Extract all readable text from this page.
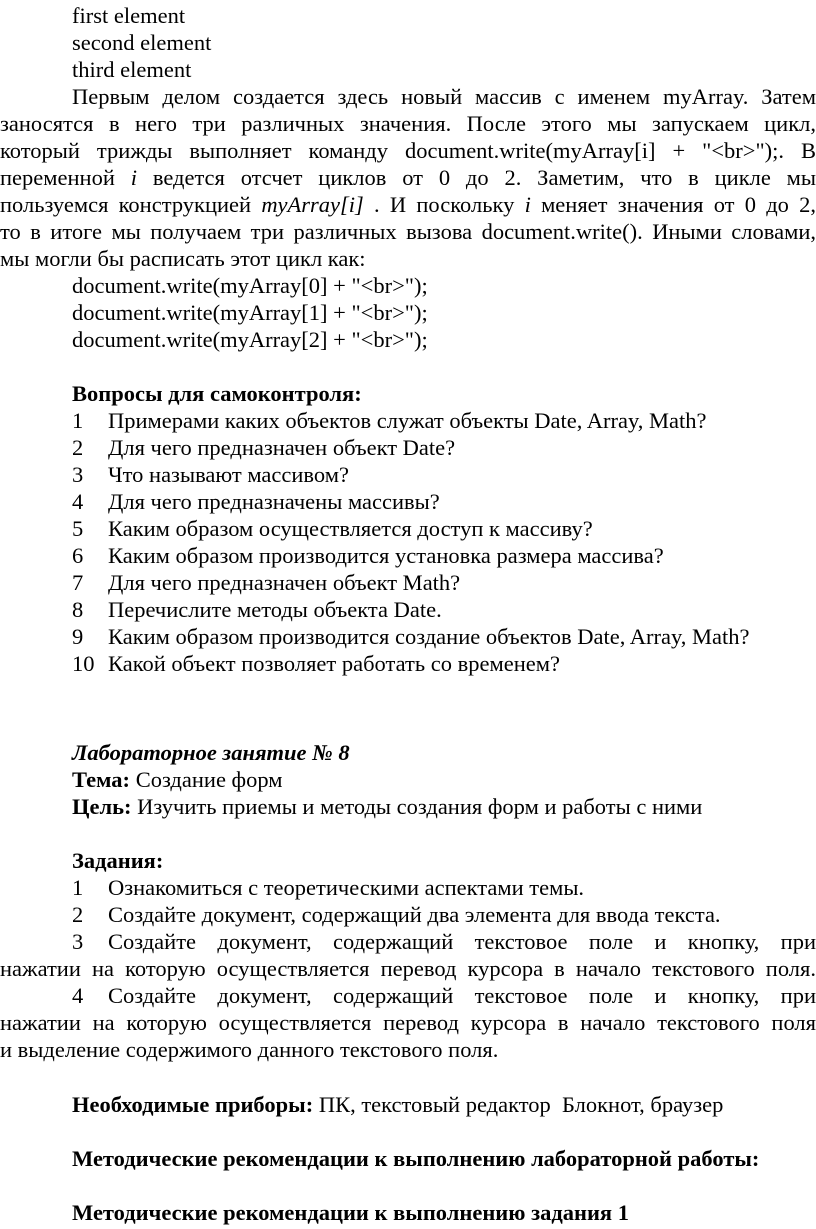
first element
second element
third element
Первым делом создается здесь новый массив с именем myArray. Затем
заносятся в него три различных значения. После этого мы запускаем цикл,
который трижды выполняет команду document.write(myArray[i] + "<br>");. В
переменной i ведется отсчет циклов от 0 до 2. Заметим, что в цикле мы
пользуемся конструкцией myArray[i] . И поскольку i меняет значения от 0 до 2,
то в итоге мы получаем три различных вызова document.write(). Иными словами,
мы могли бы расписать этот цикл как:
document.write(myArray[0] + "<br>");
document.write(myArray[1] + "<br>");
document.write(myArray[2] + "<br>");
Вопросы для самоконтроля:
1	Примерами каких объектов служат объекты Date, Array, Math?
2	Для чего предназначен объект Date?
3	Что называют массивом?
4	Для чего предназначены массивы?
5	Каким образом осуществляется доступ к массиву?
6	Каким образом производится установка размера массива?
7	Для чего предназначен объект Math?
8	Перечислите методы объекта Date.
9	Каким образом производится создание объектов Date, Array, Math?
10 Какой объект позволяет работать со временем?
Лабораторное занятие № 8
Тема: Создание форм
Цель: Изучить приемы и методы создания форм и работы с ними
Задания:
1	Ознакомиться с теоретическими аспектами темы.
2	Создайте документ, содержащий два элемента для ввода текста.
3	Создайте документ, содержащий текстовое поле и кнопку, при
нажатии на которую осуществляется перевод курсора в начало текстового поля.
4	Создайте документ, содержащий текстовое поле и кнопку, при
нажатии на которую осуществляется перевод курсора в начало текстового поля
и выделение содержимого данного текстового поля.
Необходимые приборы: ПК, текстовый редактор  Блокнот, браузер
Методические рекомендации к выполнению лабораторной работы:
Методические рекомендации к выполнению задания 1
